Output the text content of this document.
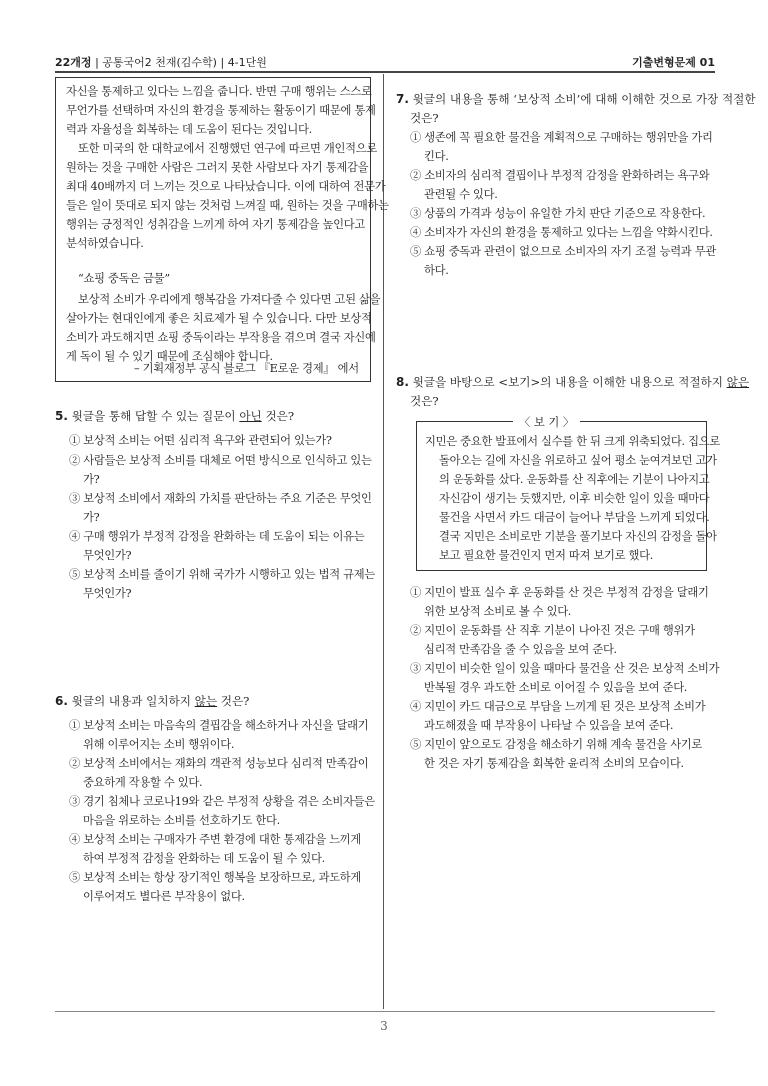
22개정 | 공통국어2 천재(김수학) | 4-1단원	기출변형문제 01
자신을 통제하고 있다는 느낌을 줍니다. 반면 구매 행위는 스스로
무언가를 선택하며 자신의 환경을 통제하는 활동이기 때문에 통제
력과 자율성을 회복하는 데 도움이 된다는 것입니다.
또한 미국의 한 대학교에서 진행했던 연구에 따르면 개인적으로
원하는 것을 구매한 사람은 그러지 못한 사람보다 자기 통제감을
최대 40배까지 더 느끼는 것으로 나타났습니다. 이에 대하여 전문가
들은 일이 뜻대로 되지 않는 것처럼 느껴질 때, 원하는 것을 구매하는
행위는 긍정적인 성취감을 느끼게 하여 자기 통제감을 높인다고
분석하였습니다.
“쇼핑 중독은 금물”
보상적 소비가 우리에게 행복감을 가져다줄 수 있다면 고된 삶을
살아가는 현대인에게 좋은 치료제가 될 수 있습니다. 다만 보상적
소비가 과도해지면 쇼핑 중독이라는 부작용을 겪으며 결국 자신에
게 독이 될 수 있기 때문에 조심해야 합니다.
– 기획재정부 공식 블로그 『E로운 경제』 에서
5. 윗글을 통해 답할 수 있는 질문이 아닌 것은?
① 보상적 소비는 어떤 심리적 욕구와 관련되어 있는가?
② 사람들은 보상적 소비를 대체로 어떤 방식으로 인식하고 있는
가?
③ 보상적 소비에서 재화의 가치를 판단하는 주요 기준은 무엇인
가?
④ 구매 행위가 부정적 감정을 완화하는 데 도움이 되는 이유는
무엇인가?
⑤ 보상적 소비를 줄이기 위해 국가가 시행하고 있는 법적 규제는
무엇인가?
6. 윗글의 내용과 일치하지 않는 것은?
① 보상적 소비는 마음속의 결핍감을 해소하거나 자신을 달래기
위해 이루어지는 소비 행위이다.
② 보상적 소비에서는 재화의 객관적 성능보다 심리적 만족감이
중요하게 작용할 수 있다.
③ 경기 침체나 코로나19와 같은 부정적 상황을 겪은 소비자들은
마음을 위로하는 소비를 선호하기도 한다.
④ 보상적 소비는 구매자가 주변 환경에 대한 통제감을 느끼게
하여 부정적 감정을 완화하는 데 도움이 될 수 있다.
⑤ 보상적 소비는 항상 장기적인 행복을 보장하므로, 과도하게
이루어져도 별다른 부작용이 없다.
7. 윗글의 내용을 통해 ‘보상적 소비’에 대해 이해한 것으로 가장 적절한
것은?
① 생존에 꼭 필요한 물건을 계획적으로 구매하는 행위만을 가리
킨다.
② 소비자의 심리적 결핍이나 부정적 감정을 완화하려는 욕구와
관련될 수 있다.
③ 상품의 가격과 성능이 유일한 가치 판단 기준으로 작용한다.
④ 소비자가 자신의 환경을 통제하고 있다는 느낌을 약화시킨다.
⑤ 쇼핑 중독과 관련이 없으므로 소비자의 자기 조절 능력과 무관
하다.
8. 윗글을 바탕으로 <보기>의 내용을 이해한 내용으로 적절하지 않은
것은?
① 지민이 발표 실수 후 운동화를 산 것은 부정적 감정을 달래기
위한 보상적 소비로 볼 수 있다.
② 지민이 운동화를 산 직후 기분이 나아진 것은 구매 행위가
심리적 만족감을 줄 수 있음을 보여 준다.
③ 지민이 비슷한 일이 있을 때마다 물건을 산 것은 보상적 소비가
반복될 경우 과도한 소비로 이어질 수 있음을 보여 준다.
④ 지민이 카드 대금으로 부담을 느끼게 된 것은 보상적 소비가
과도해졌을 때 부작용이 나타날 수 있음을 보여 준다.
⑤ 지민이 앞으로도 감정을 해소하기 위해 계속 물건을 사기로
한 것은 자기 통제감을 회복한 윤리적 소비의 모습이다.
〈 보 기 〉
지민은 중요한 발표에서 실수를 한 뒤 크게 위축되었다. 집으로
돌아오는 길에 자신을 위로하고 싶어 평소 눈여겨보던 고가
의 운동화를 샀다. 운동화를 산 직후에는 기분이 나아지고
자신감이 생기는 듯했지만, 이후 비슷한 일이 있을 때마다
물건을 사면서 카드 대금이 늘어나 부담을 느끼게 되었다.
결국 지민은 소비로만 기분을 풀기보다 자신의 감정을 돌아
보고 필요한 물건인지 먼저 따져 보기로 했다.
3
